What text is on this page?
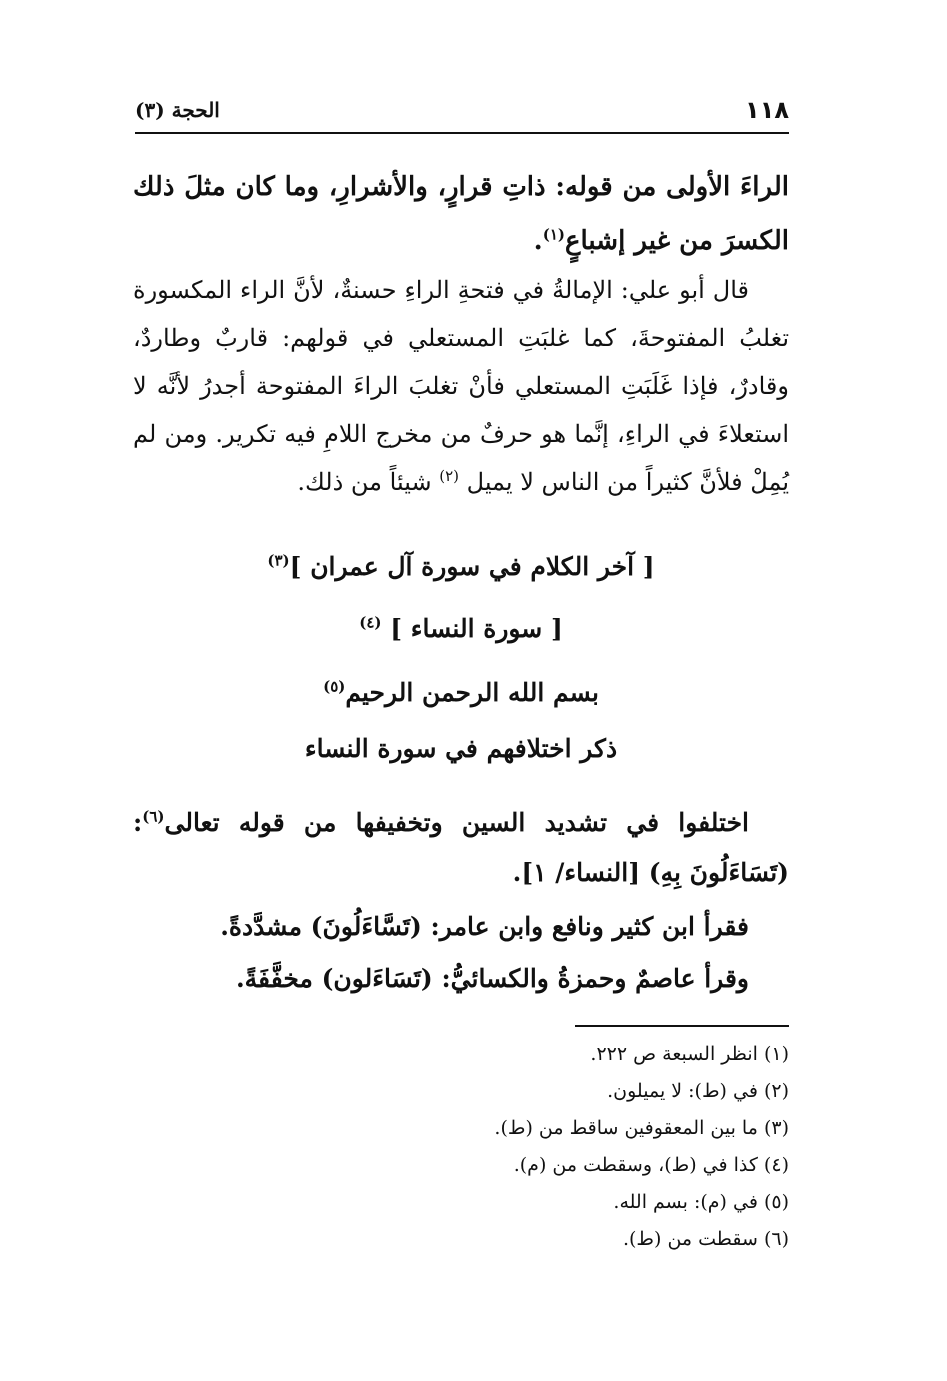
١١٨
الحجة (٣)

الراءَ الأولى من قوله: ذاتِ قرارٍ، والأشرارِ، وما كان مثلَ ذلك الكسرَ من غير إشباعٍ$^{(١)}$.

قال أبو علي: الإمالةُ في فتحةِ الراءِ حسنةٌ، لأنَّ الراء المكسورة تغلبُ المفتوحةَ، كما غلبَتِ المستعلي في قولهم: قاربٌ وطاردٌ، وقادرٌ، فإذا غَلَبَتِ المستعلي فأنْ تغلبَ الراءَ المفتوحة أجدرُ لأنَّه لا استعلاءَ في الراءِ، إنَّما هو حرفٌ من مخرج اللامِ فيه تكرير. ومن لم يُمِلْ فلأنَّ كثيراً من الناس لا يميل $^{(٢)}$ شيئاً من ذلك.

[ آخر الكلام في سورة آل عمران ]$^{(٣)}$

[ سورة النساء ] $^{(٤)}$

بسم الله الرحمن الرحيم$^{(٥)}$

ذكر اختلافهم في سورة النساء

اختلفوا في تشديد السين وتخفيفها من قوله تعالى$^{(٦)}$: (تَسَاءَلُونَ بِهِ) [النساء/ ١].

فقرأ ابن كثير ونافع وابن عامر: (تَسَّاءَلُونَ) مشدَّدةً.

وقرأ عاصمٌ وحمزةُ والكسائيُّ: (تَسَاءَلون) مخفَّفَةً.

(١) انظر السبعة ص ٢٢٢.
(٢) في (ط): لا يميلون.
(٣) ما بين المعقوفين ساقط من (ط).
(٤) كذا في (ط)، وسقطت من (م).
(٥) في (م): بسم الله.
(٦) سقطت من (ط).
